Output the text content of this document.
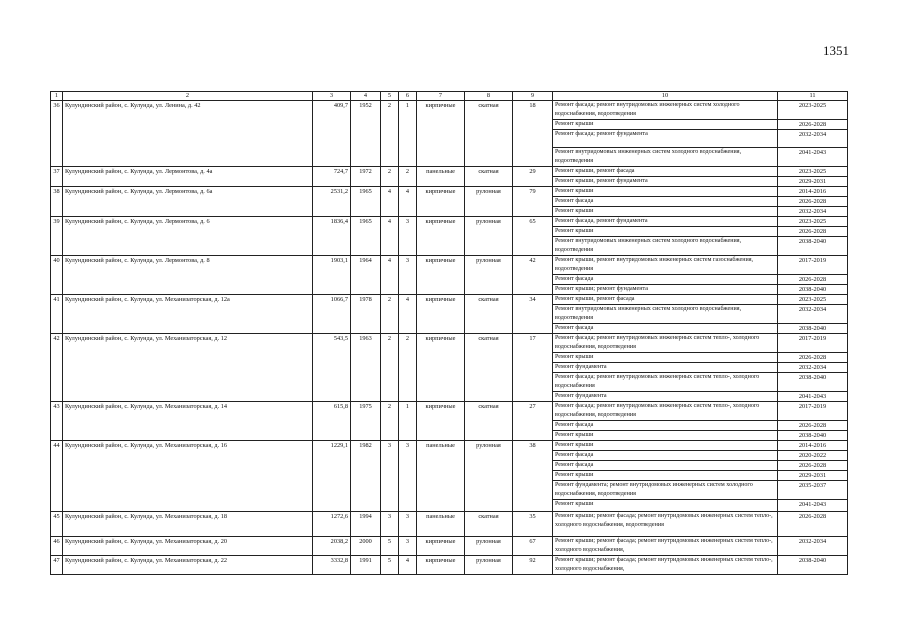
1351
1	2	3	4	5	6	7	8	9	10	11
36	Кулундинский район, с. Кулунда, ул. Ленина, д. 42	409,7	1952	2	1	кирпичные	скатная	18	Ремонт фасада; ремонт внутридомовых инженерных систем холодного водоснабжения, водоотведения	2023-2025
									Ремонт крыши	2026-2028
									Ремонт фасада; ремонт фундамента	2032-2034
									Ремонт внутридомовых инженерных систем холодного водоснабжения, водоотведения	2041-2043
37	Кулундинский район, с. Кулунда, ул. Лермонтова, д. 4а	724,7	1972	2	2	панельные	скатная	29	Ремонт крыши, ремонт фасада	2023-2025
									Ремонт крыши, ремонт фундамента	2029-2031
38	Кулундинский район, с. Кулунда, ул. Лермонтова, д. 6а	2531,2	1965	4	4	кирпичные	рулонная	79	Ремонт крыши	2014-2016
									Ремонт фасада	2026-2028
									Ремонт крыши	2032-2034
39	Кулундинский район, с. Кулунда, ул. Лермонтова, д. 6	1836,4	1965	4	3	кирпичные	рулонная	65	Ремонт фасада, ремонт фундамента	2023-2025
									Ремонт крыши	2026-2028
									Ремонт внутридомовых инженерных систем холодного водоснабжения, водоотведения	2038-2040
40	Кулундинский район, с. Кулунда, ул. Лермонтова, д. 8	1903,1	1964	4	3	кирпичные	рулонная	42	Ремонт крыши, ремонт внутридомовых инженерных систем газоснабжения, водоотведения	2017-2019
									Ремонт фасада	2026-2028
									Ремонт крыши; ремонт фундамента	2038-2040
41	Кулундинский район, с. Кулунда, ул. Механизаторская, д. 12а	1066,7	1978	2	4	кирпичные	скатная	34	Ремонт крыши, ремонт фасада	2023-2025
									Ремонт внутридомовых инженерных систем холодного водоснабжения, водоотведения	2032-2034
									Ремонт фасада	2038-2040
42	Кулундинский район, с. Кулунда, ул. Механизаторская, д. 12	543,5	1963	2	2	кирпичные	скатная	17	Ремонт фасада; ремонт внутридомовых инженерных систем тепло-, холодного водоснабжения, водоотведения	2017-2019
									Ремонт крыши	2026-2028
									Ремонт фундамента	2032-2034
									Ремонт фасада; ремонт внутридомовых инженерных систем тепло-, холодного водоснабжения	2038-2040
									Ремонт фундамента	2041-2043
43	Кулундинский район, с. Кулунда, ул. Механизаторская, д. 14	615,8	1975	2	1	кирпичные	скатная	27	Ремонт фасада; ремонт внутридомовых инженерных систем тепло-, холодного водоснабжения, водоотведения	2017-2019
									Ремонт фасада	2026-2028
									Ремонт крыши	2038-2040
44	Кулундинский район, с. Кулунда, ул. Механизаторская, д. 16	1229,1	1982	3	3	панельные	рулонная	38	Ремонт крыши	2014-2016
									Ремонт фасада	2020-2022
									Ремонт фасада	2026-2028
									Ремонт крыши	2029-2031
									Ремонт фундамента; ремонт внутридомовых инженерных систем холодного водоснабжения, водоотведения	2035-2037
									Ремонт крыши	2041-2043
45	Кулундинский район, с. Кулунда, ул. Механизаторская, д. 18	1272,6	1994	3	3	панельные	скатная	35	Ремонт крыши; ремонт фасада; ремонт внутридомовых инженерных систем тепло-, холодного водоснабжения, водоотведения	2026-2028
46	Кулундинский район, с. Кулунда, ул. Механизаторская, д. 20	2038,2	2000	5	3	кирпичные	рулонная	67	Ремонт крыши; ремонт фасада; ремонт внутридомовых инженерных систем тепло-, холодного водоснабжения,	2032-2034
47	Кулундинский район, с. Кулунда, ул. Механизаторская, д. 22	3332,8	1991	5	4	кирпичные	рулонная	92	Ремонт крыши; ремонт фасада; ремонт внутридомовых инженерных систем тепло-, холодного водоснабжения,	2038-2040
